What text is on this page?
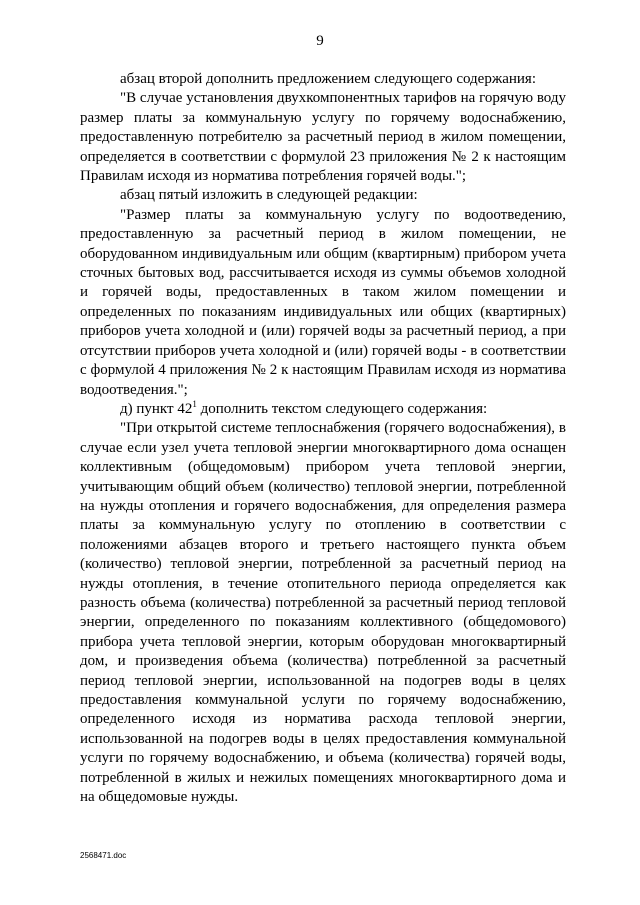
9

абзац второй дополнить предложением следующего содержания:

"В случае установления двухкомпонентных тарифов на горячую воду размер платы за коммунальную услугу по горячему водоснабжению, предоставленную потребителю за расчетный период в жилом помещении, определяется в соответствии с формулой 23 приложения № 2 к настоящим Правилам исходя из норматива потребления горячей воды.";

абзац пятый изложить в следующей редакции:

"Размер платы за коммунальную услугу по водоотведению, предоставленную за расчетный период в жилом помещении, не оборудованном индивидуальным или общим (квартирным) прибором учета сточных бытовых вод, рассчитывается исходя из суммы объемов холодной и горячей воды, предоставленных в таком жилом помещении и определенных по показаниям индивидуальных или общих (квартирных) приборов учета холодной и (или) горячей воды за расчетный период, а при отсутствии приборов учета холодной и (или) горячей воды - в соответствии с формулой 4 приложения № 2 к настоящим Правилам исходя из норматива водоотведения.";

д) пункт $42^1$ дополнить текстом следующего содержания:

"При открытой системе теплоснабжения (горячего водоснабжения), в случае если узел учета тепловой энергии многоквартирного дома оснащен коллективным (общедомовым) прибором учета тепловой энергии, учитывающим общий объем (количество) тепловой энергии, потребленной на нужды отопления и горячего водоснабжения, для определения размера платы за коммунальную услугу по отоплению в соответствии с положениями абзацев второго и третьего настоящего пункта объем (количество) тепловой энергии, потребленной за расчетный период на нужды отопления, в течение отопительного периода определяется как разность объема (количества) потребленной за расчетный период тепловой энергии, определенного по показаниям коллективного (общедомового) прибора учета тепловой энергии, которым оборудован многоквартирный дом, и произведения объема (количества) потребленной за расчетный период тепловой энергии, использованной на подогрев воды в целях предоставления коммунальной услуги по горячему водоснабжению, определенного исходя из норматива расхода тепловой энергии, использованной на подогрев воды в целях предоставления коммунальной услуги по горячему водоснабжению, и объема (количества) горячей воды, потребленной в жилых и нежилых помещениях многоквартирного дома и на общедомовые нужды.

2568471.doc
